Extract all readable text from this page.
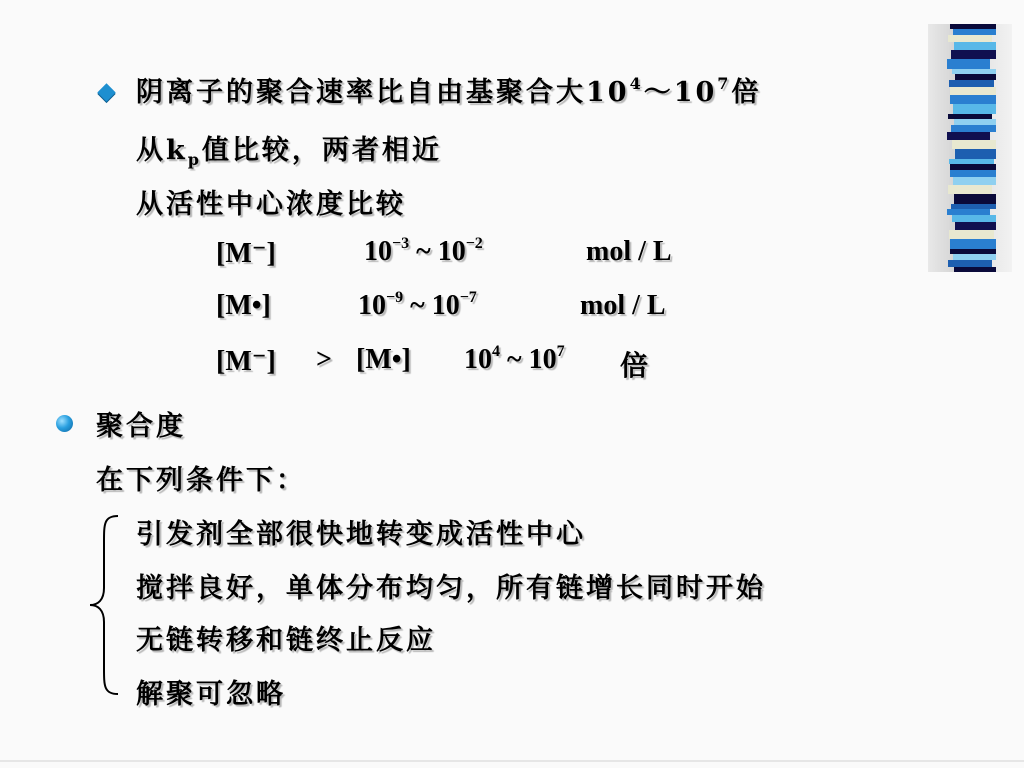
阴离子的聚合速率比自由基聚合大$10^4\sim 10^7$倍
从$k_p$值比较，两者相近
从活性中心浓度比较
[M⁻]	$10^{-3}$ ~ $10^{-2}$	mol / L
[M•]	$10^{-9}$ ~ $10^{-7}$	mol / L
[M⁻] > [M•] $10^4$ ~ $10^7$ 倍
聚合度
在下列条件下：
引发剂全部很快地转变成活性中心
搅拌良好，单体分布均匀，所有链增长同时开始
无链转移和链终止反应
解聚可忽略
